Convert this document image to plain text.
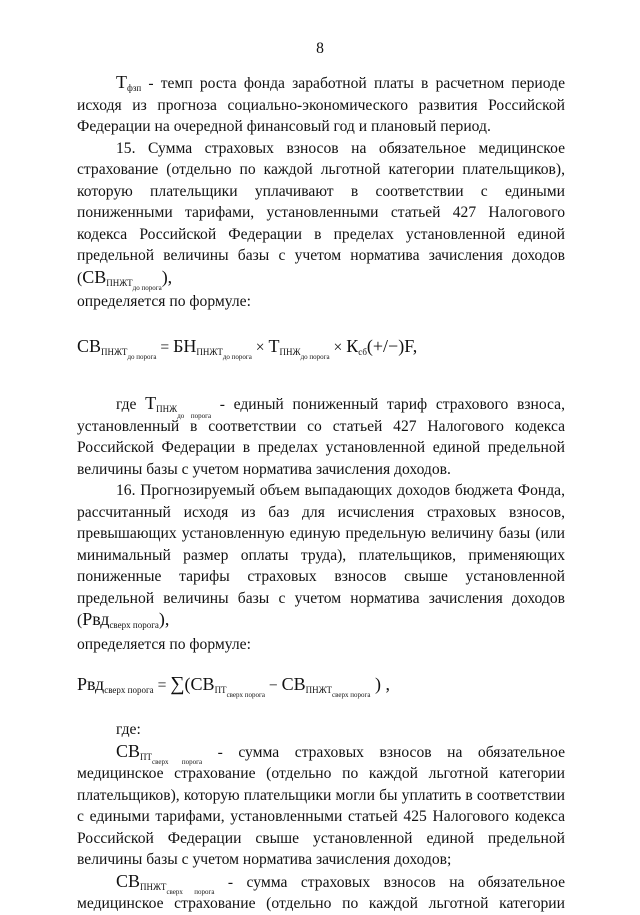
8

$Т_{фзп}$ - темп роста фонда заработной платы в расчетном периоде исходя из прогноза социально-экономического развития Российской Федерации на очередной финансовый год и плановый период.

15. Сумма страховых взносов на обязательное медицинское страхование (отдельно по каждой льготной категории плательщиков), которую плательщики уплачивают в соответствии с едиными пониженными тарифами, установленными статьей 427 Налогового кодекса Российской Федерации в пределах установленной единой предельной величины базы с учетом норматива зачисления доходов $(СВ_{ПНЖТ_{до порога}})$,

определяется по формуле:

$СВ_{ПНЖТ_{до порога}} = БН_{ПНЖТ_{до порога}} \times Т_{ПНЖ_{до порога}} \times К_{сб}(+/-)F$,

где $Т_{ПНЖ_{до порога}}$ - единый пониженный тариф страхового взноса, установленный в соответствии со статьей 427 Налогового кодекса Российской Федерации в пределах установленной единой предельной величины базы с учетом норматива зачисления доходов.

16. Прогнозируемый объем выпадающих доходов бюджета Фонда, рассчитанный исходя из баз для исчисления страховых взносов, превышающих установленную единую предельную величину базы (или минимальный размер оплаты труда), плательщиков, применяющих пониженные тарифы страховых взносов свыше установленной предельной величины базы с учетом норматива зачисления доходов (Рвд$_{сверх порога}$),

определяется по формуле:

$Рвд_{сверх порога} = \sum(СВ_{ПТ_{сверх порога}} - СВ_{ПНЖТ_{сверх порога}}$ ) ,

где:

$СВ_{ПТ_{сверх порога}}$ - сумма страховых взносов на обязательное медицинское страхование (отдельно по каждой льготной категории плательщиков), которую плательщики могли бы уплатить в соответствии с едиными тарифами, установленными статьей 425 Налогового кодекса Российской Федерации свыше установленной единой предельной величины базы с учетом норматива зачисления доходов;

$СВ_{ПНЖТ_{сверх порога}}$ - сумма страховых взносов на обязательное медицинское страхование (отдельно по каждой льготной категории
